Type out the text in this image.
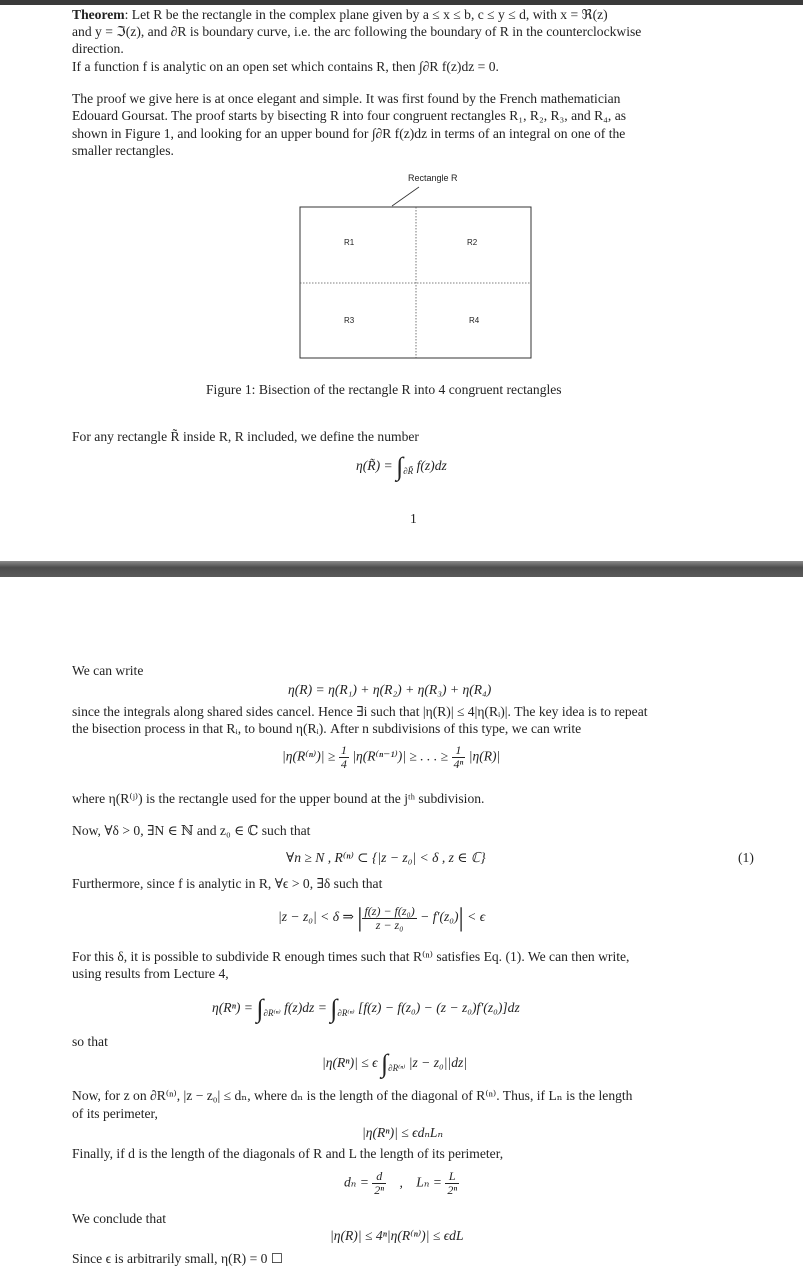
Theorem: Let R be the rectangle in the complex plane given by a ≤ x ≤ b, c ≤ y ≤ d, with x = ℜ(z)
and y = ℑ(z), and ∂R is boundary curve, i.e. the arc following the boundary of R in the counterclockwise
direction.
If a function f is analytic on an open set which contains R, then ∫∂R f(z)dz = 0.
The proof we give here is at once elegant and simple. It was first found by the French mathematician
Edouard Goursat. The proof starts by bisecting R into four congruent rectangles R₁, R₂, R₃, and R₄, as
shown in Figure 1, and looking for an upper bound for ∫∂R f(z)dz in terms of an integral on one of the
smaller rectangles.
Rectangle R
R1	R2
R3	R4
Figure 1: Bisection of the rectangle R into 4 congruent rectangles
For any rectangle R̃ inside R, R included, we define the number
η(R̃) = $\int_{\partial R̃}$ f(z)dz
1
We can write
η(R) = η(R₁) + η(R₂) + η(R₃) + η(R₄)
since the integrals along shared sides cancel. Hence ∃i such that |η(R)| ≤ 4|η(Rᵢ)|. The key idea is to repeat
the bisection process in that Rᵢ, to bound η(Rᵢ). After n subdivisions of this type, we can write
$|\eta(R^{(n)})| \ge \frac{1}{4} |\eta(R^{(n-1)})|$ ≥ . . . ≥ $\frac{1}{\text{4ⁿ}} |\eta(R)|$
where η(R⁽ʲ⁾) is the rectangle used for the upper bound at the jᵗʰ subdivision.
Now, ∀δ > 0, ∃N ∈ ℕ and z₀ ∈ ℂ such that
∀n ≥ N , R⁽ⁿ⁾ ⊂ {|z − z₀| < δ , z ∈ ℂ}	(1)
Furthermore, since f is analytic in R, ∀ϵ > 0, ∃δ such that
|z − z₀| < δ ⇒ | $\frac{\text{f(z) − f(z₀)}}{\text{z − z₀}} - f'(z_0)| < \epsilon$
For this δ, it is possible to subdivide R enough times such that R⁽ⁿ⁾ satisfies Eq. (1). We can then write,
using results from Lecture 4,
$\eta(R^n) = \int_{\partial R^{(n)}}$ $f(z)dz = \int_{\partial R^{(n)}}$ [f(z) − f(z₀) − (z − z₀)f′(z₀)]dz
so that
|η(Rⁿ)| ≤ ϵ $\int_{\partial R^{(n)}}$ |z − z₀||dz|
Now, for z on ∂R⁽ⁿ⁾, |z − z₀| ≤ dₙ, where dₙ is the length of the diagonal of R⁽ⁿ⁾. Thus, if Lₙ is the length
of its perimeter,
|η(Rⁿ)| ≤ ϵdₙLₙ
Finally, if d is the length of the diagonals of R and L the length of its perimeter,
$d_n = \frac{d}{\text{2ⁿ}}$ , $L_n = \frac{L}{\text{2ⁿ}}$
We conclude that
|η(R)| ≤ 4ⁿ|η(R⁽ⁿ⁾)| ≤ ϵdL
Since ϵ is arbitrarily small, η(R) = 0 ☐
